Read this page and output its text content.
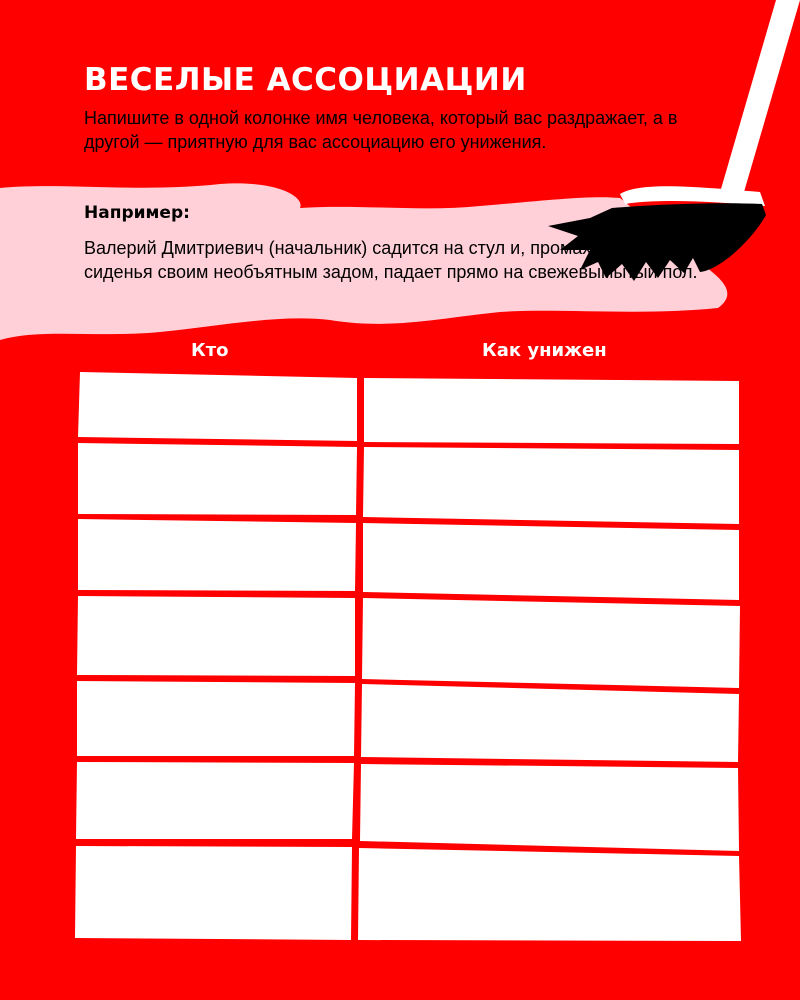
ВЕСЕЛЫЕ АССОЦИАЦИИ

Напишите в одной колонке имя человека, который вас раздражает, а в другой — приятную для вас ассоциацию его унижения.

Например:

Валерий Дмитриевич (начальник) садится на стул и, промахиваясь мимо сиденья своим необъятным задом, падает прямо на свежевымытый пол.

Кто	Как унижен
